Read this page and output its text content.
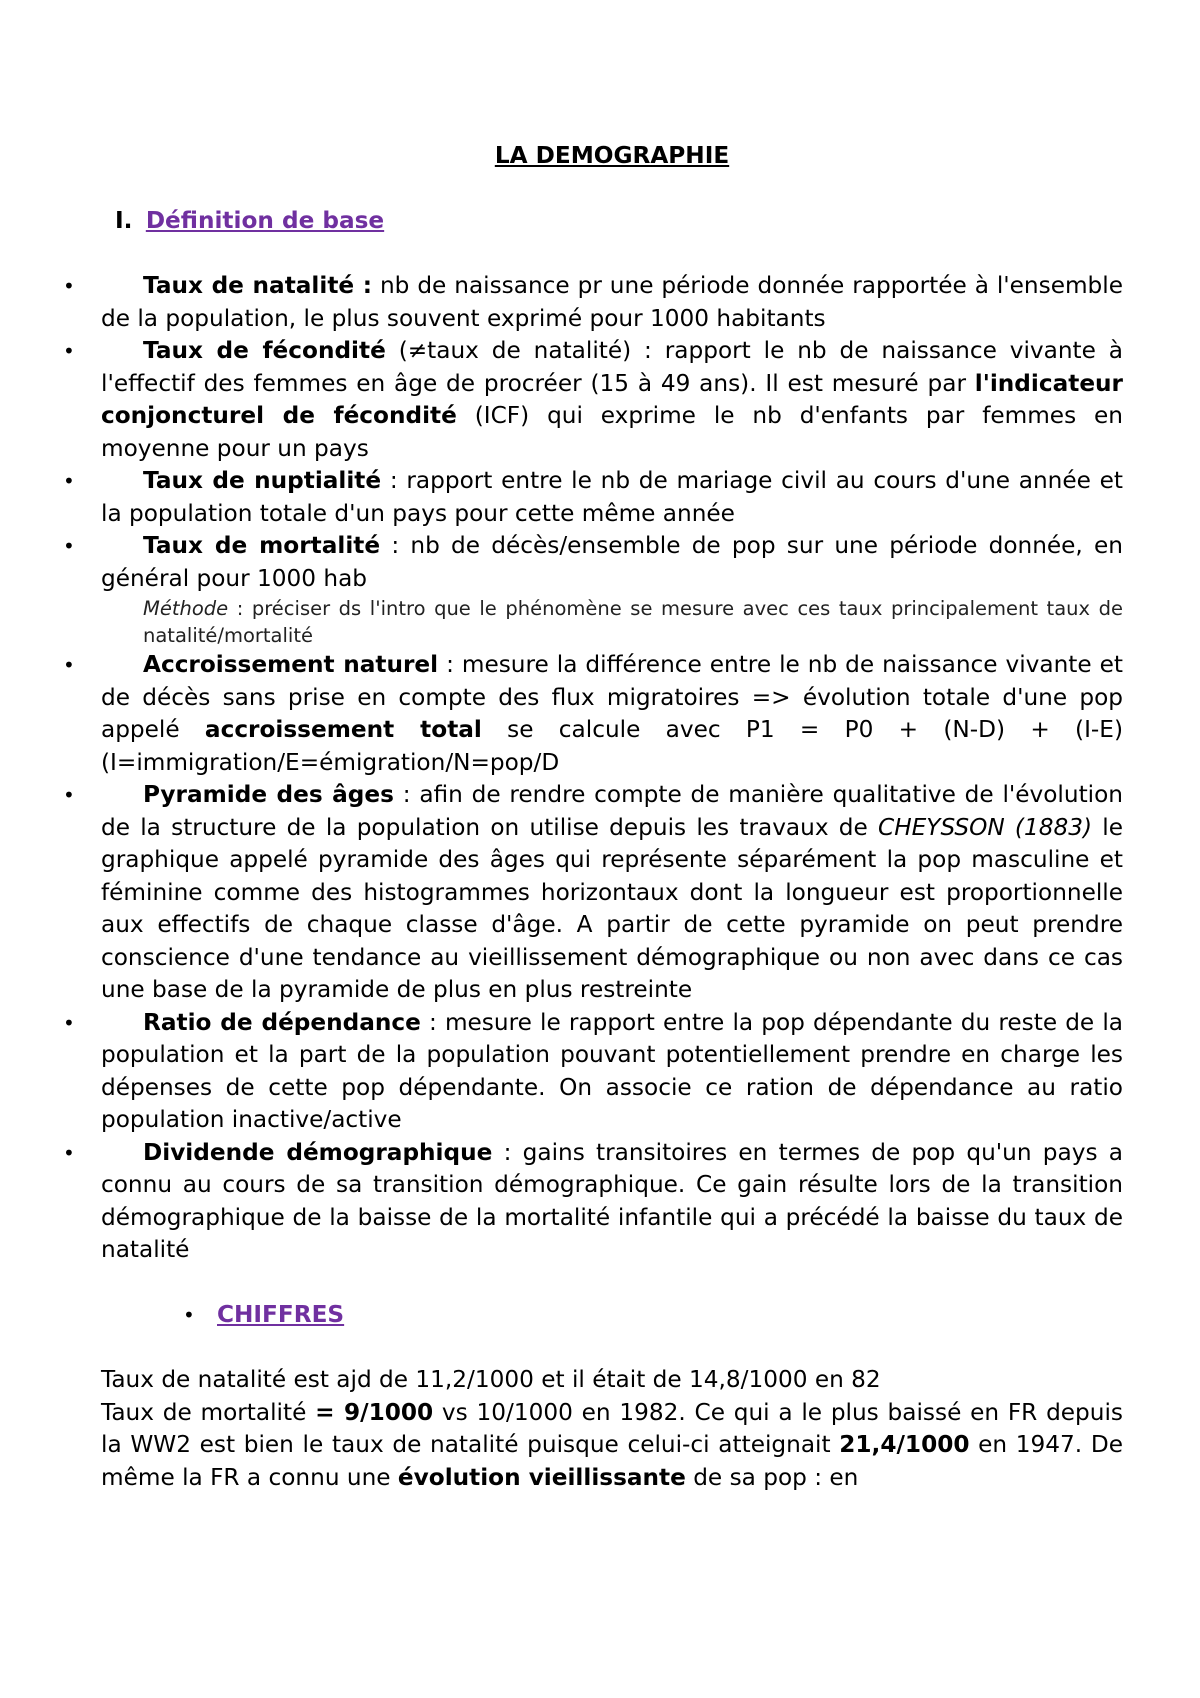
LA DEMOGRAPHIE
I. Définition de base
•	Taux de natalité : nb de naissance pr une période donnée rapportée à l'ensemble de la population, le plus souvent exprimé pour 1000 habitants
•	Taux de fécondité (≠taux de natalité) : rapport le nb de naissance vivante à l'effectif des femmes en âge de procréer (15 à 49 ans). Il est mesuré par l'indicateur conjoncturel de fécondité (ICF) qui exprime le nb d'enfants par femmes en moyenne pour un pays
•	Taux de nuptialité : rapport entre le nb de mariage civil au cours d'une année et la population totale d'un pays pour cette même année
•	Taux de mortalité : nb de décès/ensemble de pop sur une période donnée, en général pour 1000 hab
Méthode : préciser ds l'intro que le phénomène se mesure avec ces taux principalement taux de natalité/mortalité
•	Accroissement naturel : mesure la différence entre le nb de naissance vivante et de décès sans prise en compte des flux migratoires => évolution totale d'une pop appelé accroissement total se calcule avec P1 = P0 + (N-D) + (I-E) (I=immigration/E=émigration/N=pop/D
•	Pyramide des âges : afin de rendre compte de manière qualitative de l'évolution de la structure de la population on utilise depuis les travaux de CHEYSSON (1883) le graphique appelé pyramide des âges qui représente séparément la pop masculine et féminine comme des histogrammes horizontaux dont la longueur est proportionnelle aux effectifs de chaque classe d'âge. A partir de cette pyramide on peut prendre conscience d'une tendance au vieillissement démographique ou non avec dans ce cas une base de la pyramide de plus en plus restreinte
•	Ratio de dépendance : mesure le rapport entre la pop dépendante du reste de la population et la part de la population pouvant potentiellement prendre en charge les dépenses de cette pop dépendante. On associe ce ration de dépendance au ratio population inactive/active
•	Dividende démographique : gains transitoires en termes de pop qu'un pays a connu au cours de sa transition démographique. Ce gain résulte lors de la transition démographique de la baisse de la mortalité infantile qui a précédé la baisse du taux de natalité
• CHIFFRES

Taux de natalité est ajd de 11,2/1000 et il était de 14,8/1000 en 82

Taux de mortalité = 9/1000 vs 10/1000 en 1982. Ce qui a le plus baissé en FR depuis la WW2 est bien le taux de natalité puisque celui-ci atteignait 21,4/1000 en 1947. De même la FR a connu une évolution vieillissante de sa pop : en
